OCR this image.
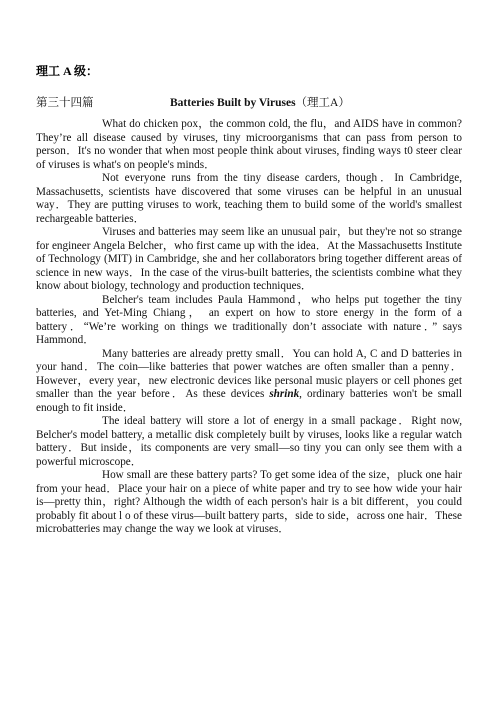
理工 A 级：
第三十四篇	Batteries Built by Viruses（理工A）

What do chicken pox，the common cold, the flu，and AIDS have in common? They’re all disease caused by viruses, tiny microorganisms that can pass from person to person．It's no wonder that when most people think about viruses, finding ways t0 steer clear of viruses is what's on people's minds．

Not everyone runs from the tiny disease carders, though．In Cambridge, Massachusetts, scientists have discovered that some viruses can be helpful in an unusual way．They are putting viruses to work, teaching them to build some of the world's smallest rechargeable batteries．

Viruses and batteries may seem like an unusual pair，but they're not so strange for engineer Angela Belcher，who first came up with the idea．At the Massachusetts Institute of Technology (MIT) in Cambridge, she and her collaborators bring together different areas of science in new ways．In the case of the virus-built batteries, the scientists combine what they know about biology, technology and production techniques．

Belcher's team includes Paula Hammond，who helps put together the tiny batteries, and Yet-Ming Chiang， an expert on how to store energy in the form of a battery．“We’re working on things we traditionally don’t associate with nature．” says Hammond．

Many batteries are already pretty small．You can hold A, C and D batteries in your hand．The coin—like batteries that power watches are often smaller than a penny．However，every year，new electronic devices like personal music players or cell phones get smaller than the year before．As these devices shrink, ordinary batteries won't be small enough to fit inside．

The ideal battery will store a lot of energy in a small package．Right now, Belcher's model battery, a metallic disk completely built by viruses, looks like a regular watch battery．But inside，its components are very small—so tiny you can only see them with a powerful microscope．

How small are these battery parts? To get some idea of the size，pluck one hair from your head．Place your hair on a piece of white paper and try to see how wide your hair is—pretty thin，right? Although the width of each person's hair is a bit different，you could probably fit about l o of these virus—built battery parts，side to side，across one hair．These microbatteries may change the way we look at viruses．
